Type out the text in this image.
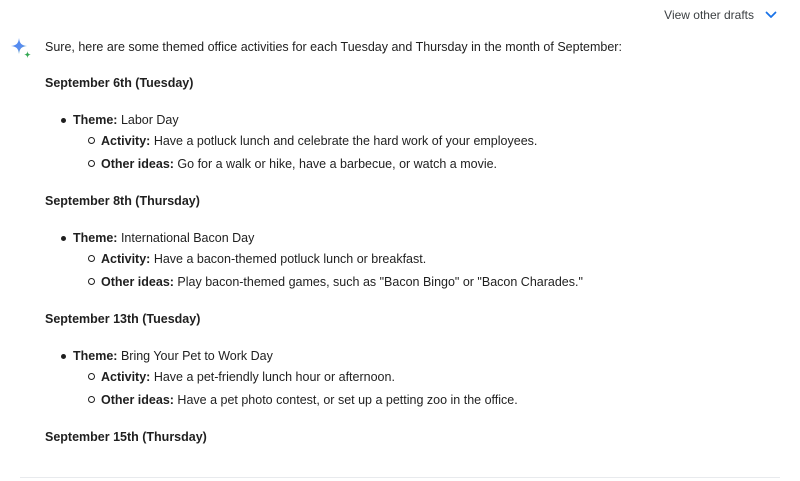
View other drafts

Sure, here are some themed office activities for each Tuesday and Thursday in the month of September:

September 6th (Tuesday)
Theme: Labor Day
Activity: Have a potluck lunch and celebrate the hard work of your employees.
Other ideas: Go for a walk or hike, have a barbecue, or watch a movie.
September 8th (Thursday)
Theme: International Bacon Day
Activity: Have a bacon-themed potluck lunch or breakfast.
Other ideas: Play bacon-themed games, such as "Bacon Bingo" or "Bacon Charades."
September 13th (Tuesday)
Theme: Bring Your Pet to Work Day
Activity: Have a pet-friendly lunch hour or afternoon.
Other ideas: Have a pet photo contest, or set up a petting zoo in the office.
September 15th (Thursday)
